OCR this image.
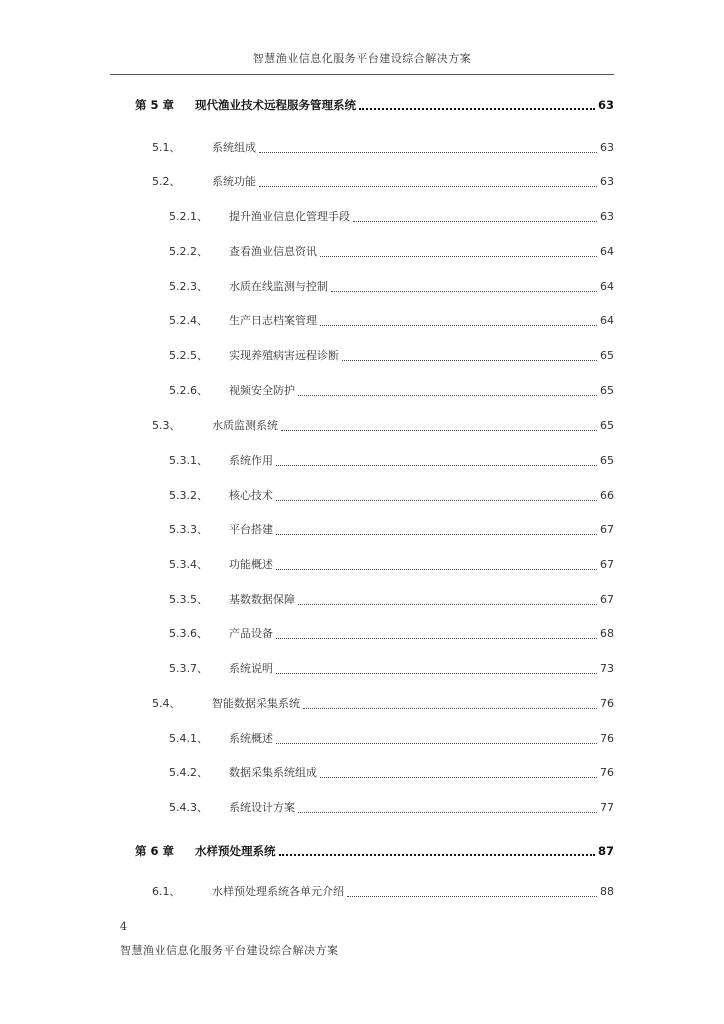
智慧渔业信息化服务平台建设综合解决方案
第 5 章	现代渔业技术远程服务管理系统	63
5.1、	系统组成	63
5.2、	系统功能	63
5.2.1、	提升渔业信息化管理手段	63
5.2.2、	查看渔业信息资讯	64
5.2.3、	水质在线监测与控制	64
5.2.4、	生产日志档案管理	64
5.2.5、	实现养殖病害远程诊断	65
5.2.6、	视频安全防护	65
5.3、	水质监测系统	65
5.3.1、	系统作用	65
5.3.2、	核心技术	66
5.3.3、	平台搭建	67
5.3.4、	功能概述	67
5.3.5、	基数数据保障	67
5.3.6、	产品设备	68
5.3.7、	系统说明	73
5.4、	智能数据采集系统	76
5.4.1、	系统概述	76
5.4.2、	数据采集系统组成	76
5.4.3、	系统设计方案	77
第 6 章	水样预处理系统	87
6.1、	水样预处理系统各单元介绍	88
4
智慧渔业信息化服务平台建设综合解决方案
